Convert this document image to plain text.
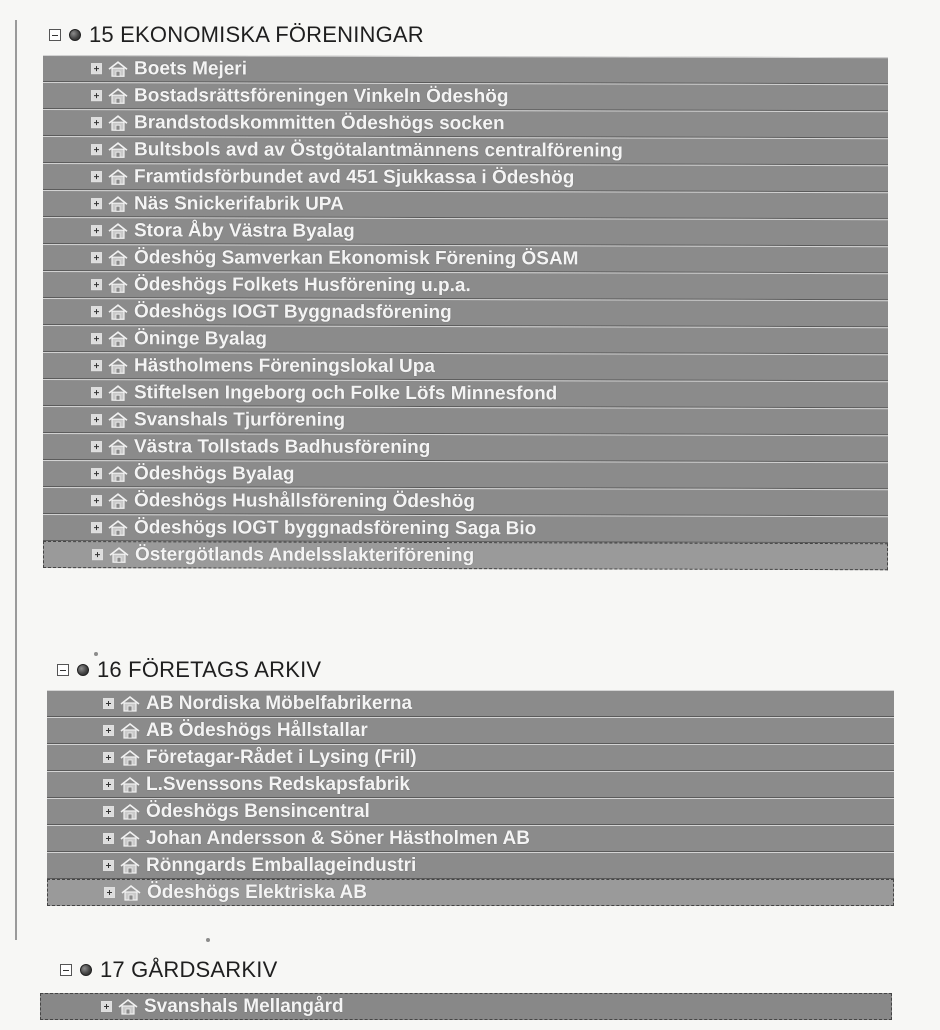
15 EKONOMISKA FÖRENINGAR
Boets Mejeri
Bostadsrättsföreningen Vinkeln Ödeshög
Brandstodskommitten Ödeshögs socken
Bultsbols avd av Östgötalantmännens centralförening
Framtidsförbundet avd 451 Sjukkassa i Ödeshög
Näs Snickerifabrik UPA
Stora Åby Västra Byalag
Ödeshög Samverkan Ekonomisk Förening ÖSAM
Ödeshögs Folkets Husförening u.p.a.
Ödeshögs IOGT Byggnadsförening
Öninge Byalag
Hästholmens Föreningslokal Upa
Stiftelsen Ingeborg och Folke Löfs Minnesfond
Svanshals Tjurförening
Västra Tollstads Badhusförening
Ödeshögs Byalag
Ödeshögs Hushållsförening Ödeshög
Ödeshögs IOGT byggnadsförening Saga Bio
Östergötlands Andelsslakteriförening
16 FÖRETAGS ARKIV
AB Nordiska Möbelfabrikerna
AB Ödeshögs Hållstallar
Företagar-Rådet i Lysing (Fril)
L.Svenssons Redskapsfabrik
Ödeshögs Bensincentral
Johan Andersson & Söner Hästholmen AB
Rönngards Emballageindustri
Ödeshögs Elektriska AB
17 GÅRDSARKIV
Svanshals Mellangård
